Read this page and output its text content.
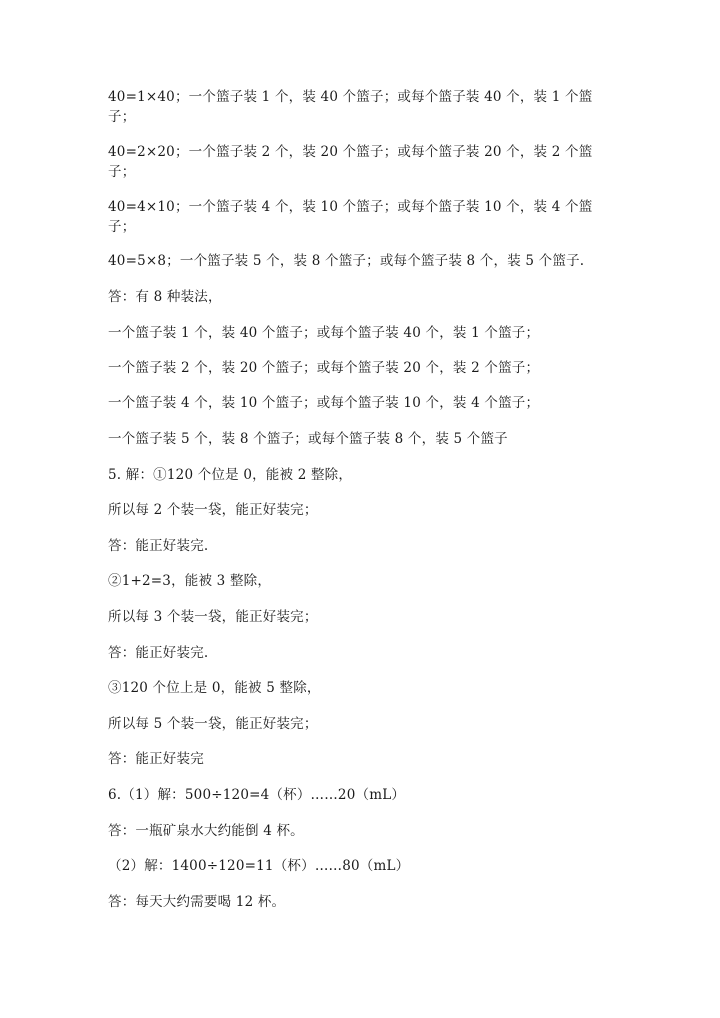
40=1×40；一个篮子装 1 个，装 40 个篮子；或每个篮子装 40 个，装 1 个篮
子；
40=2×20；一个篮子装 2 个，装 20 个篮子；或每个篮子装 20 个，装 2 个篮
子；
40=4×10；一个篮子装 4 个，装 10 个篮子；或每个篮子装 10 个，装 4 个篮
子；
40=5×8；一个篮子装 5 个，装 8 个篮子；或每个篮子装 8 个，装 5 个篮子.
答：有 8 种装法，
一个篮子装 1 个，装 40 个篮子；或每个篮子装 40 个，装 1 个篮子；
一个篮子装 2 个，装 20 个篮子；或每个篮子装 20 个，装 2 个篮子；
一个篮子装 4 个，装 10 个篮子；或每个篮子装 10 个，装 4 个篮子；
一个篮子装 5 个，装 8 个篮子；或每个篮子装 8 个，装 5 个篮子
5. 解：①120 个位是 0，能被 2 整除，
所以每 2 个装一袋，能正好装完；
答：能正好装完.
②1+2=3，能被 3 整除，
所以每 3 个装一袋，能正好装完；
答：能正好装完.
③120 个位上是 0，能被 5 整除，
所以每 5 个装一袋，能正好装完；
答：能正好装完
6.（1）解：500÷120=4（杯）……20（mL）
答：一瓶矿泉水大约能倒 4 杯。
（2）解：1400÷120=11（杯）……80（mL）
答：每天大约需要喝 12 杯。
